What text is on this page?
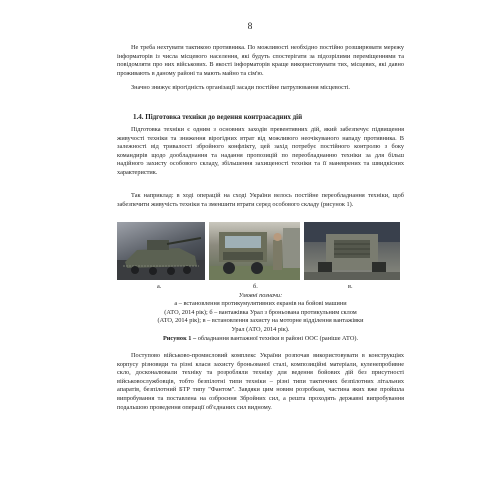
8

Не треба нехтувати тактикою противника. По можливості необхідно постійно розширювати мережу інформаторів із числа місцевого населення, які будуть спостерігати за підозрілими переміщеннями та повідомляти про них військових. В якості інформаторів краще використовувати тих, місцевих, які давно проживають в даному районі та мають майно та сім'ю.

Значно знижує вірогідність організації засади постійне патрулювання місцевості.

1.4. Підготовка техніки до ведення контрзасадних дій

Підготовка техніки є одним з основних заходів превентивних дій, який забезпечує підвищення живучості техніки та зниження вірогідних втрат від можливого неочікуваного нападу противника. В залежності від тривалості збройного конфлікту, цей захід потребує постійного контролю з боку командирів щодо дообладнання та надання пропозицій по переобладнанню техніки за для більш надійного захисту особового складу, збільшення захищеності техніки та її маневрених та швидкісних характеристик.

Так наприклад: в ході операцій на сході України велось постійне переобладнання техніки, щоб забезпечити живучість техніки та зменшити втрати серед особового складу (рисунок 1).

а.	б.	в.

Умовні позначи:

а – встановлення протикумулятивних екранів на бойові машини
(АТО, 2014 рік); б – вантажівка Урал з броньована протикульним склом
(АТО, 2014 рік); в – встановлення захисту на моторне відділення вантажівки
Урал (АТО, 2014 рік).

Рисунок 1 – обладнання вантажної техніки в районі ООС (раніше АТО).

Поступово військово-промисловий комплекс України розпочав використовувати в конструкціях корпусу різновиди та різні класи захисту броньованої сталі, композиційні матеріали, куленепробивне скло, досконалювали техніку та розробляли техніку для ведення бойових дій без присутності військовослужбовців, тобто безпілотні типи техніки – різні типи тактичних безпілотних літальних апаратів, безпілотний БТР типу "Фантом". Завдяки цим новим розробкам, частина яких вже пройшла випробування та поставлена на озброєння Збройних сил, а решта проходять державні випробування подальшою проведення операції об'єднаних сил видному.
